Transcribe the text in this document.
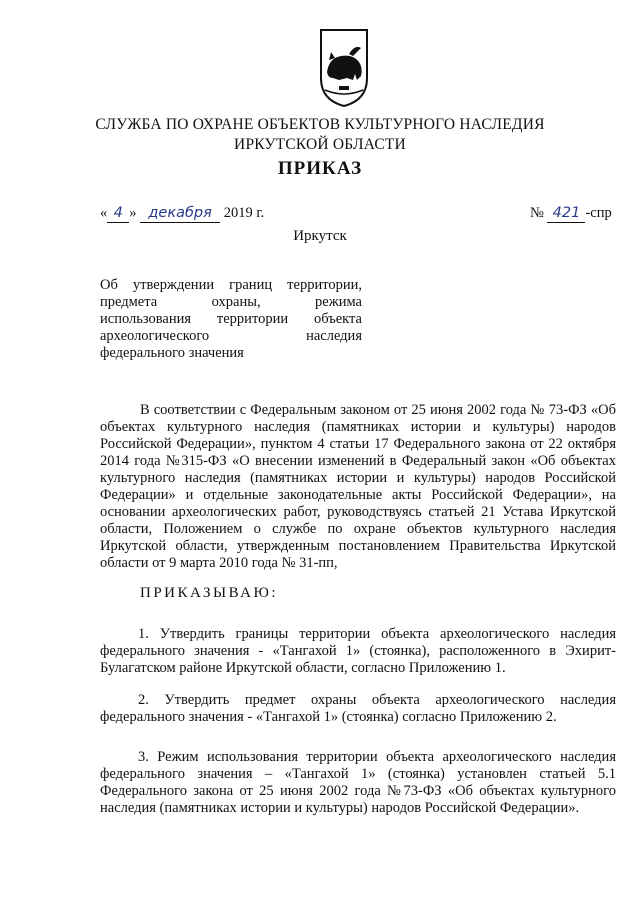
СЛУЖБА ПО ОХРАНЕ ОБЪЕКТОВ КУЛЬТУРНОГО НАСЛЕДИЯ
ИРКУТСКОЙ ОБЛАСТИ
ПРИКАЗ
« 4 » декабря 2019 г.	№ 421 -спр
Иркутск
Об утверждении границ территории,
предмета охраны, режима
использования территории объекта
археологического наследия
федерального значения
В соответствии с Федеральным законом от 25 июня 2002 года № 73-ФЗ «Об объектах культурного наследия (памятниках истории и культуры) народов Российской Федерации», пунктом 4 статьи 17 Федерального закона от 22 октября 2014 года №315-ФЗ «О внесении изменений в Федеральный закон «Об объектах культурного наследия (памятниках истории и культуры) народов Российской Федерации» и отдельные законодательные акты Российской Федерации», на основании археологических работ, руководствуясь статьей 21 Устава Иркутской области, Положением о службе по охране объектов культурного наследия Иркутской области, утвержденным постановлением Правительства Иркутской области от 9 марта 2010 года № 31-пп,
ПРИКАЗЫВАЮ:
1. Утвердить границы территории объекта археологического наследия федерального значения - «Тангахой 1» (стоянка), расположенного в Эхирит-Булагатском районе Иркутской области, согласно Приложению 1.
2. Утвердить предмет охраны объекта археологического наследия федерального значения - «Тангахой 1» (стоянка) согласно Приложению 2.
3. Режим использования территории объекта археологического наследия федерального значения – «Тангахой 1» (стоянка) установлен статьей 5.1 Федерального закона от 25 июня 2002 года №73-ФЗ «Об объектах культурного наследия (памятниках истории и культуры) народов Российской Федерации».
